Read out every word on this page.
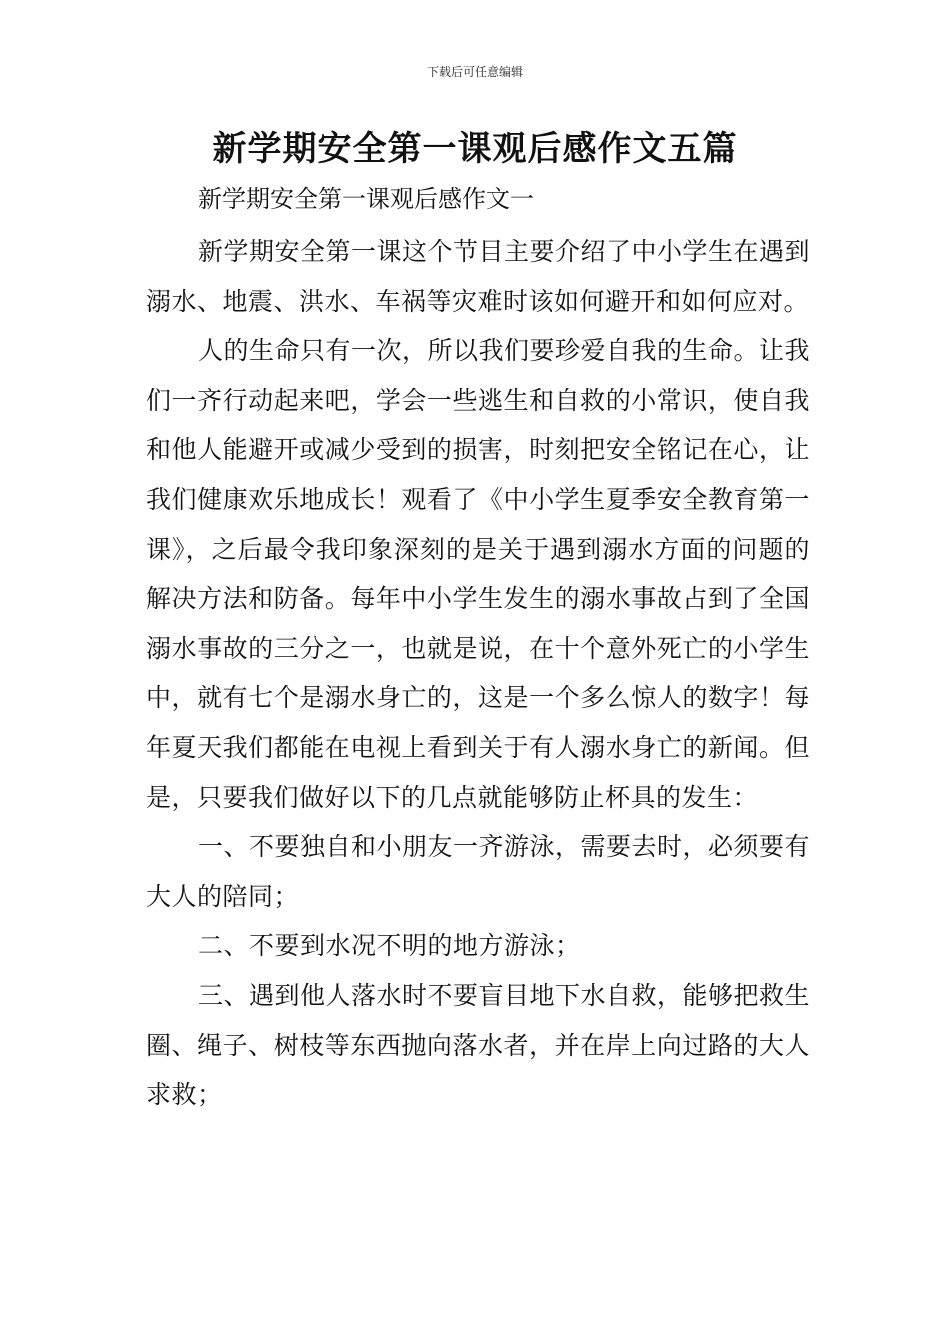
下载后可任意编辑
新学期安全第一课观后感作文五篇

新学期安全第一课观后感作文一

新学期安全第一课这个节目主要介绍了中小学生在遇到溺水、地震、洪水、车祸等灾难时该如何避开和如何应对。

人的生命只有一次，所以我们要珍爱自我的生命。让我们一齐行动起来吧，学会一些逃生和自救的小常识，使自我和他人能避开或减少受到的损害，时刻把安全铭记在心，让我们健康欢乐地成长！观看了《中小学生夏季安全教育第一课》，之后最令我印象深刻的是关于遇到溺水方面的问题的解决方法和防备。每年中小学生发生的溺水事故占到了全国溺水事故的三分之一，也就是说，在十个意外死亡的小学生中，就有七个是溺水身亡的，这是一个多么惊人的数字！每年夏天我们都能在电视上看到关于有人溺水身亡的新闻。但是，只要我们做好以下的几点就能够防止杯具的发生：

一、不要独自和小朋友一齐游泳，需要去时，必须要有大人的陪同；

二、不要到水况不明的地方游泳；

三、遇到他人落水时不要盲目地下水自救，能够把救生圈、绳子、树枝等东西抛向落水者，并在岸上向过路的大人求救；
